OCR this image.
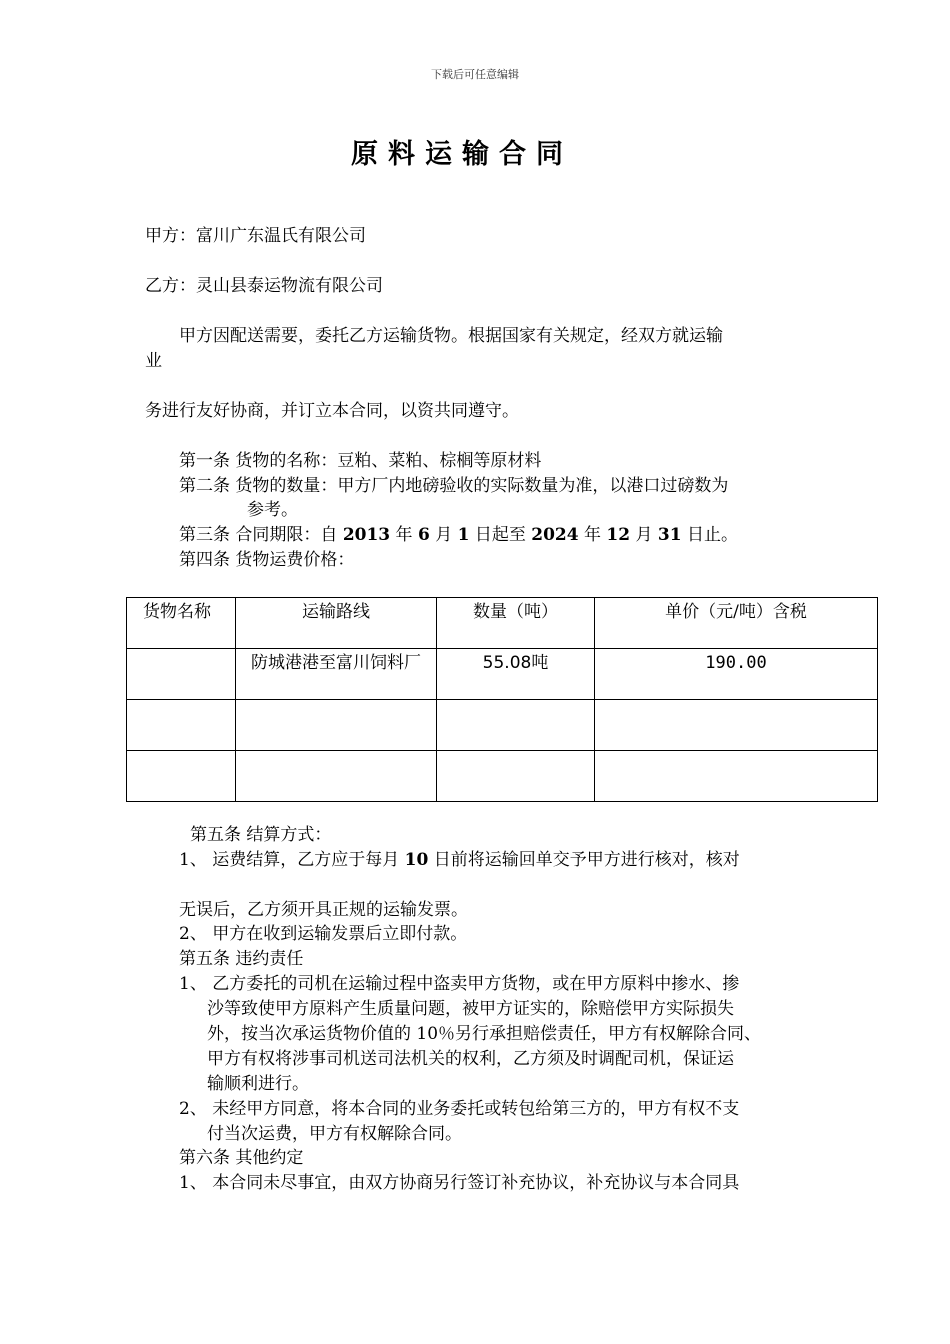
下载后可任意编辑
原料运输合同
甲方：富川广东温氏有限公司
乙方：灵山县泰运物流有限公司
甲方因配送需要，委托乙方运输货物。根据国家有关规定，经双方就运输
业
务进行友好协商，并订立本合同，以资共同遵守。
第一条 货物的名称：豆粕、菜粕、棕榈等原材料
第二条 货物的数量：甲方厂内地磅验收的实际数量为准，以港口过磅数为
参考。
第三条 合同期限：自 2013 年 6 月 1 日起至 2024 年 12 月 31 日止。
第四条 货物运费价格：
货物名称	运输路线	数量（吨）	单价（元/吨）含税
	防城港港至富川饲料厂	55.08吨	190.00

第五条 结算方式：
1、 运费结算，乙方应于每月 10 日前将运输回单交予甲方进行核对，核对
无误后，乙方须开具正规的运输发票。
2、 甲方在收到运输发票后立即付款。
第五条 违约责任
1、 乙方委托的司机在运输过程中盗卖甲方货物，或在甲方原料中掺水、掺
沙等致使甲方原料产生质量问题，被甲方证实的，除赔偿甲方实际损失
外，按当次承运货物价值的 10％另行承担赔偿责任，甲方有权解除合同、
甲方有权将涉事司机送司法机关的权利，乙方须及时调配司机，保证运
输顺利进行。
2、 未经甲方同意，将本合同的业务委托或转包给第三方的，甲方有权不支
付当次运费，甲方有权解除合同。
第六条 其他约定
1、 本合同未尽事宜，由双方协商另行签订补充协议，补充协议与本合同具
